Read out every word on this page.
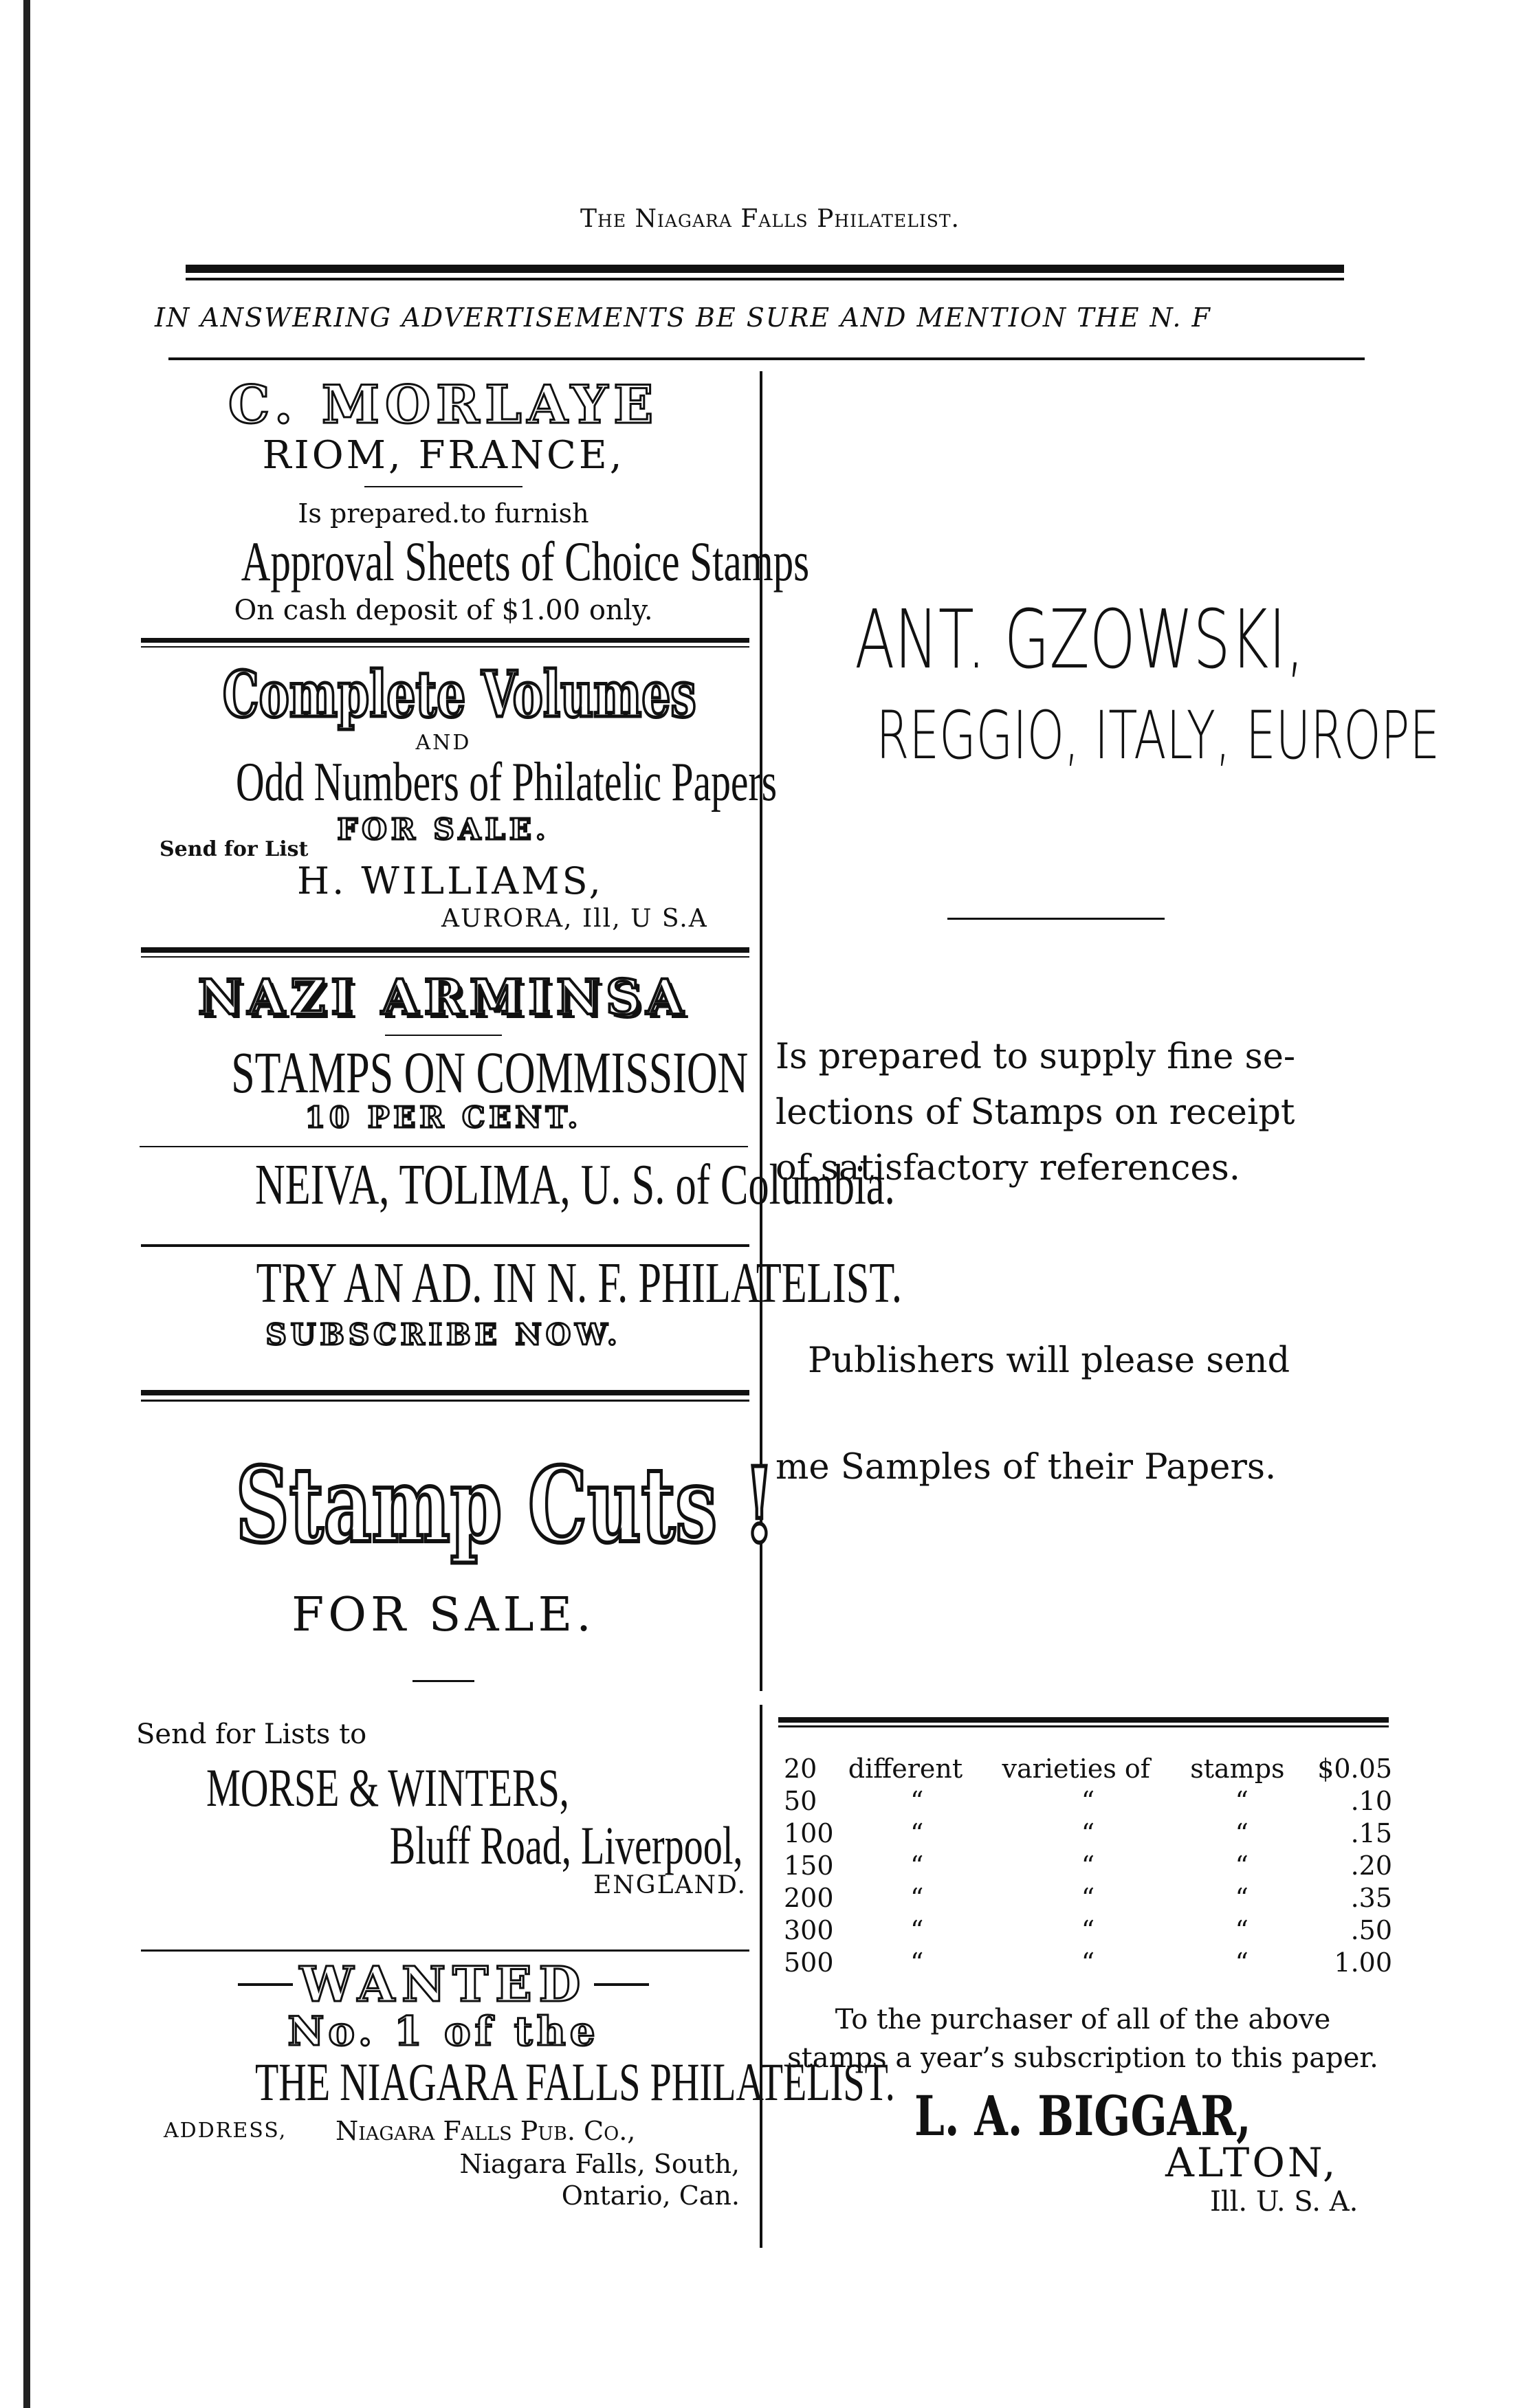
The Niagara Falls Philatelist.
IN ANSWERING ADVERTISEMENTS BE SURE AND MENTION THE N. F
C. MORLAYE
RIOM, FRANCE,
Is prepared.to furnish
Approval Sheets of Choice Stamps
On cash deposit of $1.00 only.
Complete Volumes
AND
Odd Numbers of Philatelic Papers
FOR SALE.
Send for List
H. WILLIAMS,
AURORA, Ill, U S.A
NAZI ARMINSA
STAMPS ON COMMISSION
10 PER CENT.
NEIVA, TOLIMA, U. S. of Columbia.
TRY AN AD. IN N. F. PHILATELIST.
SUBSCRIBE NOW.
Stamp Cuts !
FOR SALE.
Send for Lists to
MORSE & WINTERS,
Bluff Road, Liverpool,
ENGLAND.
WANTED
No. 1 of the
THE NIAGARA FALLS PHILATELIST.
ADDRESS, Niagara Falls Pub. Co.,
Niagara Falls, South,
Ontario, Can.
ANT. GZOWSKI,
REGGIO, ITALY, EUROPE
Is prepared to supply fine se-
lections of Stamps on receipt
of satisfactory references.
Publishers will please send
me Samples of their Papers.
20	different	varieties of	stamps	$0.05
50	“	“	“	.10
100	“	“	“	.15
150	“	“	“	.20
200	“	“	“	.35
300	“	“	“	.50
500	“	“	“	1.00
To the purchaser of all of the above
stamps a year’s subscription to this paper.
L. A. BIGGAR,
ALTON,
Ill. U. S. A.
